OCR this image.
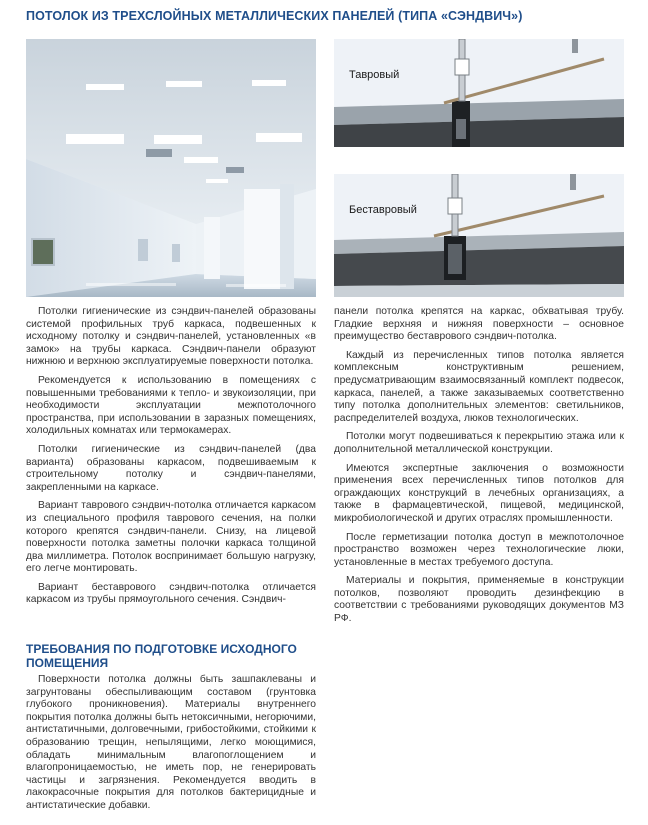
ПОТОЛОК ИЗ ТРЕХСЛОЙНЫХ МЕТАЛЛИЧЕСКИХ ПАНЕЛЕЙ (ТИПА «СЭНДВИЧ»)
Тавровый
Беставровый

Потолки гигиенические из сэндвич-панелей образованы системой профильных труб каркаса, подвешенных к исходному потолку и сэндвич-панелей, установленных «в замок» на трубы каркаса. Сэндвич-панели образуют нижнюю и верхнюю эксплуатируемые поверхности потолка.

Рекомендуется к использованию в помещениях с повышенными требованиями к тепло- и звукоизоляции, при необходимости эксплуатации межпотолочного пространства, при использовании в заразных помещениях, холодильных комнатах или термокамерах.

Потолки гигиенические из сэндвич-панелей (два варианта) образованы каркасом, подвешиваемым к строительному потолку и сэндвич-панелями, закрепленными на каркасе.

Вариант таврового сэндвич-потолка отличается каркасом из специального профиля таврового сечения, на полки которого крепятся сэндвич-панели. Снизу, на лицевой поверхности потолка заметны полочки каркаса толщиной два миллиметра. Потолок воспринимает большую нагрузку, его легче монтировать.

Вариант беставрового сэндвич-потолка отличается каркасом из трубы прямоугольного сечения. Сэндвич-

панели потолка крепятся на каркас, обхватывая трубу. Гладкие верхняя и нижняя поверхности – основное преимущество беставрового сэндвич-потолка.

Каждый из перечисленных типов потолка является комплексным конструктивным решением, предусматривающим взаимосвязанный комплект подвесок, каркаса, панелей, а также заказываемых соответственно типу потолка дополнительных элементов: светильников, распределителей воздуха, люков технологических.

Потолки могут подвешиваться к перекрытию этажа или к дополнительной металлической конструкции.

Имеются экспертные заключения о возможности применения всех перечисленных типов потолков для ограждающих конструкций в лечебных организациях, а также в фармацевтической, пищевой, медицинской, микробиологической и других отраслях промышленности.

После герметизации потолка доступ в межпотолочное пространство возможен через технологические люки, установленные в местах требуемого доступа.

Материалы и покрытия, применяемые в конструкции потолков, позволяют проводить дезинфекцию в соответствии с требованиями руководящих документов МЗ РФ.

ТРЕБОВАНИЯ ПО ПОДГОТОВКЕ ИСХОДНОГО ПОМЕЩЕНИЯ

Поверхности потолка должны быть зашпаклеваны и загрунтованы обеспыливающим составом (грунтовка глубокого проникновения). Материалы внутреннего покрытия потолка должны быть нетоксичными, негорючими, антистатичными, долговечными, грибостойкими, стойкими к образованию трещин, непылящими, легко моющимися, обладать минимальным влагопоглощением и влагопроницаемостью, не иметь пор, не генерировать частицы и загрязнения. Рекомендуется вводить в лакокрасочные покрытия для потолков бактерицидные и антистатические добавки.
